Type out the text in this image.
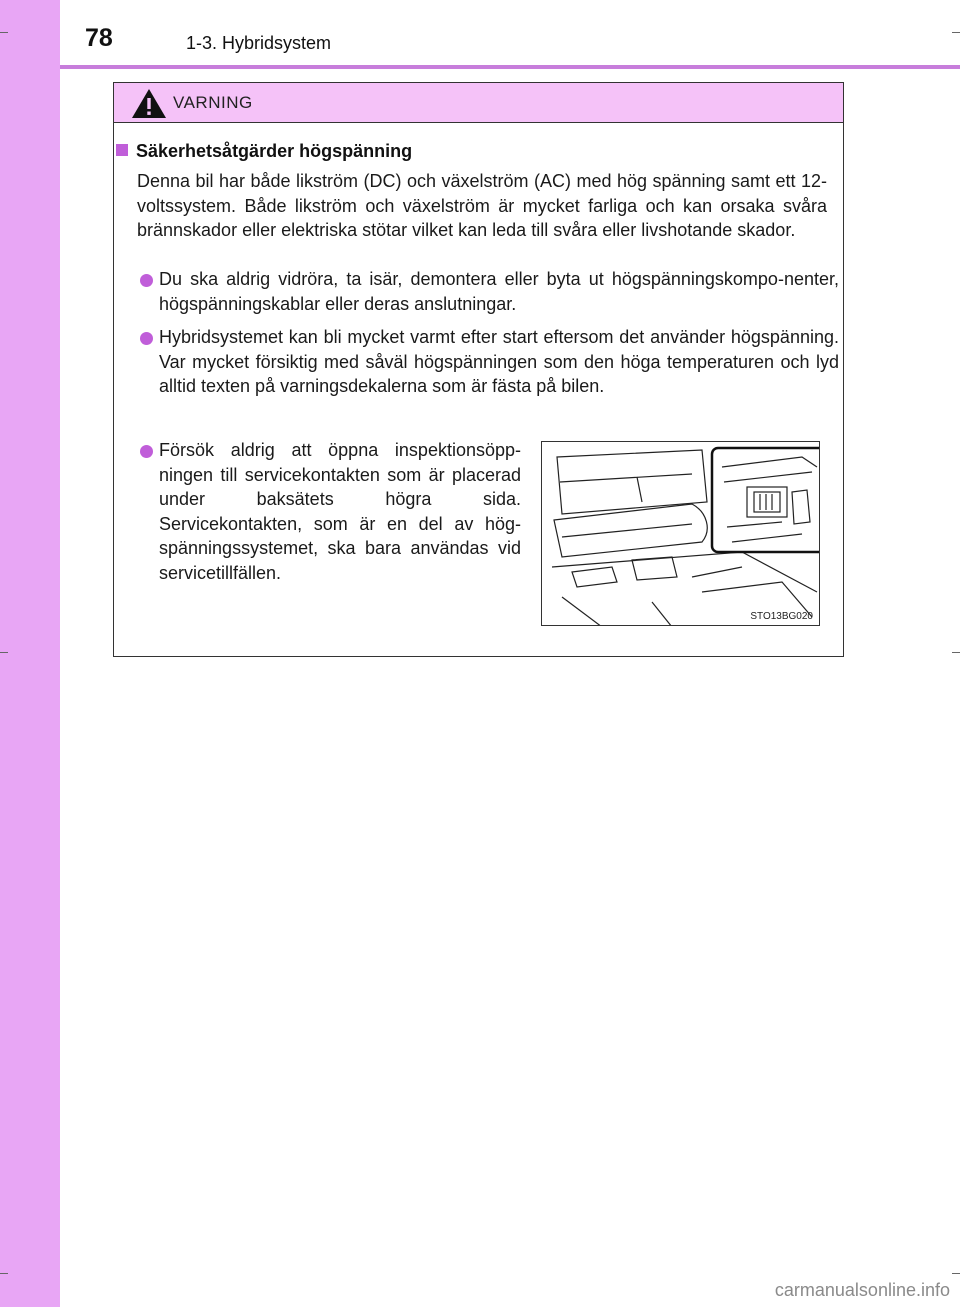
78	1-3. Hybridsystem
VARNING
Säkerhetsåtgärder högspänning
Denna bil har både likström (DC) och växelström (AC) med hög spänning samt ett 12-voltssystem. Både likström och växelström är mycket farliga och kan orsaka svåra brännskador eller elektriska stötar vilket kan leda till svåra eller livshotande skador.
Du ska aldrig vidröra, ta isär, demontera eller byta ut högspänningskompo-nenter, högspänningskablar eller deras anslutningar.
Hybridsystemet kan bli mycket varmt efter start eftersom det använder högspänning. Var mycket försiktig med såväl högspänningen som den höga temperaturen och lyd alltid texten på varningsdekalerna som är fästa på bilen.
Försök aldrig att öppna inspektionsöpp-ningen till servicekontakten som är placerad under baksätets högra sida. Servicekontakten, som är en del av hög-spänningssystemet, ska bara användas vid servicetillfällen.
STO13BG020
carmanualsonline.info
